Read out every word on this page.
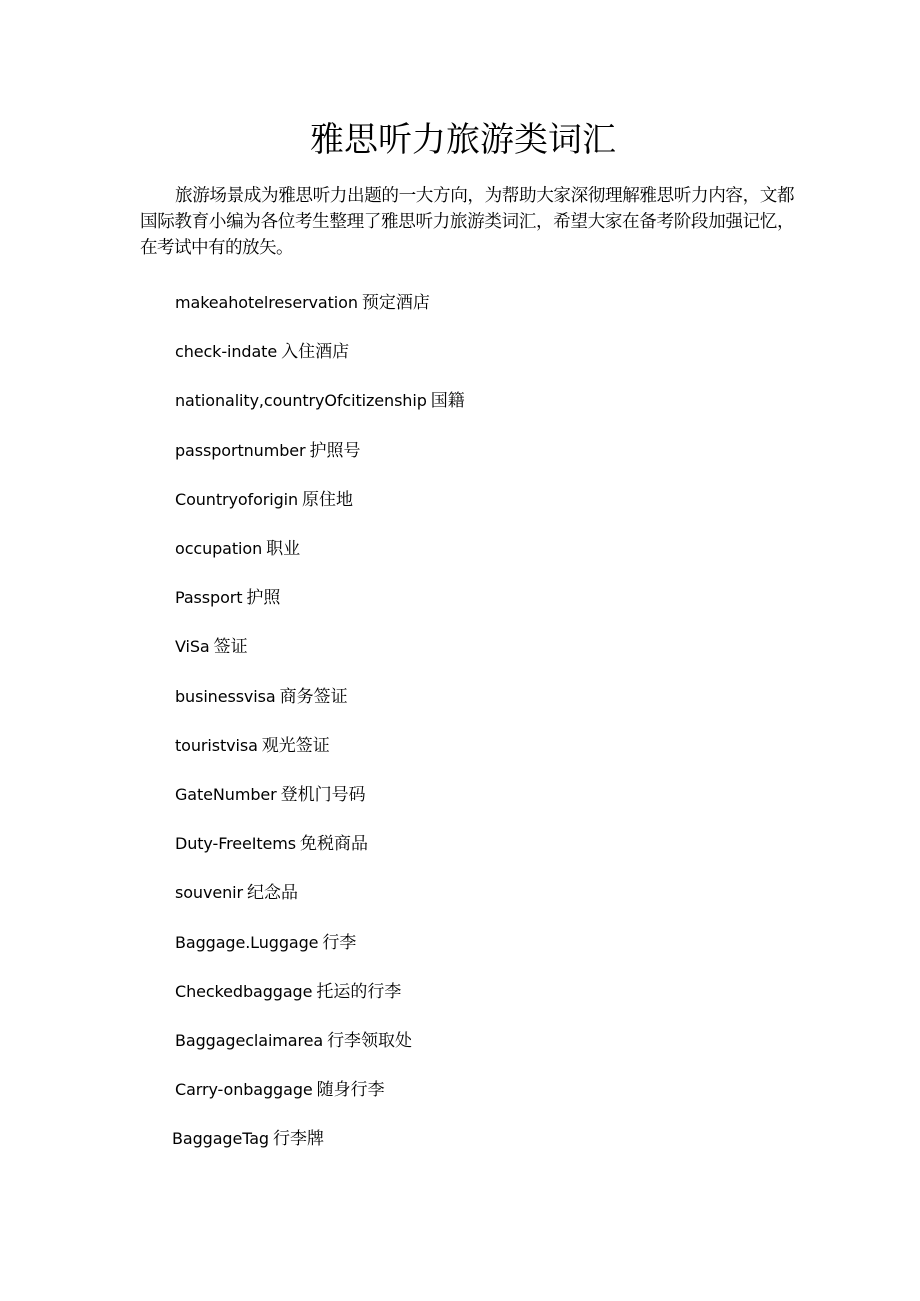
雅思听力旅游类词汇

旅游场景成为雅思听力出题的一大方向，为帮助大家深彻理解雅思听力内容，文都国际教育小编为各位考生整理了雅思听力旅游类词汇，希望大家在备考阶段加强记忆，在考试中有的放矢。

makeahotelreservation 预定酒店
check-indate 入住酒店
nationality,countryOfcitizenship 国籍
passportnumber 护照号
Countryoforigin 原住地
occupation 职业
Passport 护照
ViSa 签证
businessvisa 商务签证
touristvisa 观光签证
GateNumber 登机门号码
Duty-FreeItems 免税商品
souvenir 纪念品
Baggage.Luggage 行李
Checkedbaggage 托运的行李
Baggageclaimarea 行李领取处
Carry-onbaggage 随身行李
BaggageTag 行李牌
